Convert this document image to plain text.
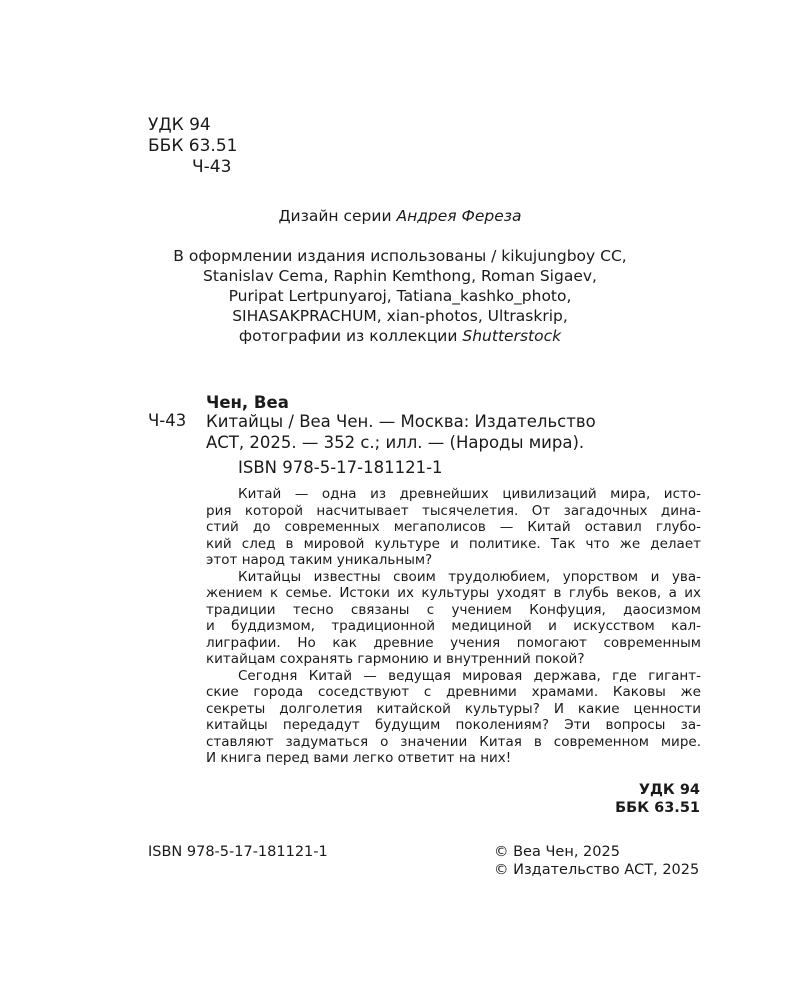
УДК 94
ББК 63.51
Ч-43

Дизайн серии Андрея Фереза

В оформлении издания использованы / kikujungboy CC,
Stanislav Cema, Raphin Kemthong, Roman Sigaev,
Puripat Lertpunyaroj, Tatiana_kashko_photo,
SIHASAKPRACHUM, xian-photos, Ultraskrip,
фотографии из коллекции Shutterstock
Чен, Веа
Ч-43 Китайцы / Веа Чен. — Москва: Издательство
АСТ, 2025. — 352 с.; илл. — (Народы мира).
ISBN 978-5-17-181121-1
Китай — одна из древнейших цивилизаций мира, исто-
рия которой насчитывает тысячелетия. От загадочных дина-
стий до современных мегаполисов — Китай оставил глубо-
кий след в мировой культуре и политике. Так что же делает
этот народ таким уникальным?
Китайцы известны своим трудолюбием, упорством и ува-
жением к семье. Истоки их культуры уходят в глубь веков, а их
традиции тесно связаны с учением Конфуция, даосизмом
и буддизмом, традиционной медициной и искусством кал-
лиграфии. Но как древние учения помогают современным
китайцам сохранять гармонию и внутренний покой?
Сегодня Китай — ведущая мировая держава, где гигант-
ские города соседствуют с древними храмами. Каковы же
секреты долголетия китайской культуры? И какие ценности
китайцы передадут будущим поколениям? Эти вопросы за-
ставляют задуматься о значении Китая в современном мире.
И книга перед вами легко ответит на них!
УДК 94
ББК 63.51
ISBN 978-5-17-181121-1	© Веа Чен, 2025
© Издательство АСТ, 2025
